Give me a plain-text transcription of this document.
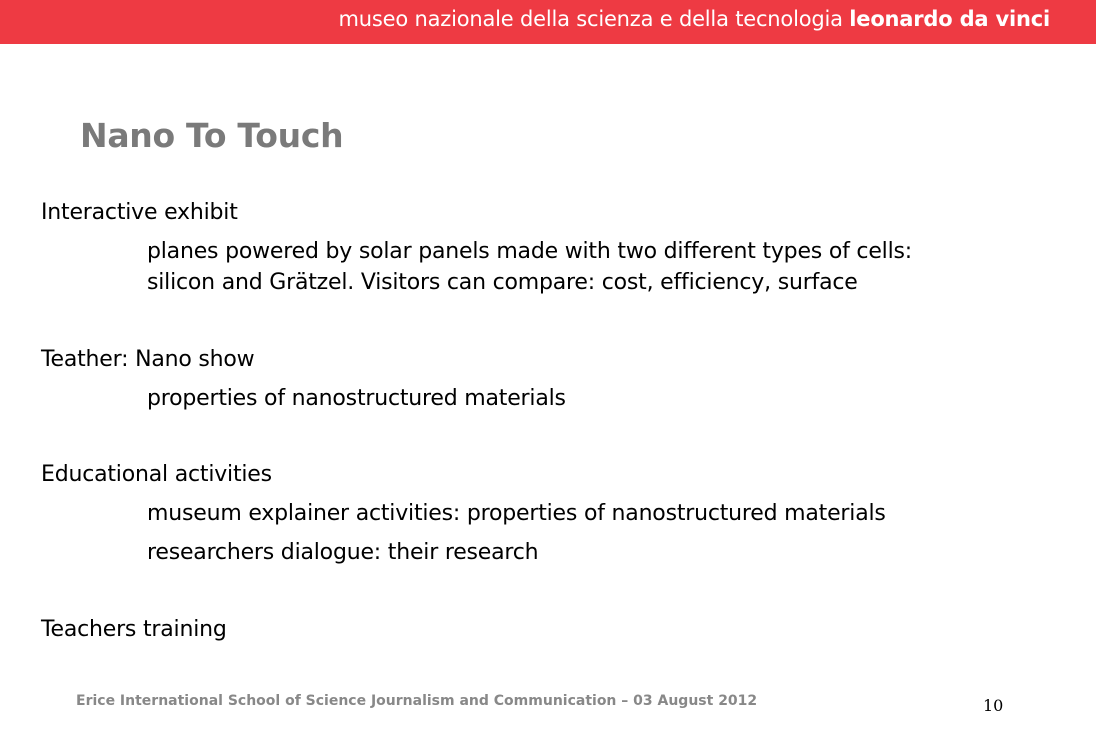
museo nazionale della scienza e della tecnologia leonardo da vinci
Nano To Touch
Interactive exhibit
planes powered by solar panels made with two different types of cells:
silicon and Grätzel. Visitors can compare: cost, efficiency, surface
Teather: Nano show
properties of nanostructured materials
Educational activities
museum explainer activities: properties of nanostructured materials
researchers dialogue: their research
Teachers training
Erice International School of Science Journalism and Communication – 03 August 2012	10
